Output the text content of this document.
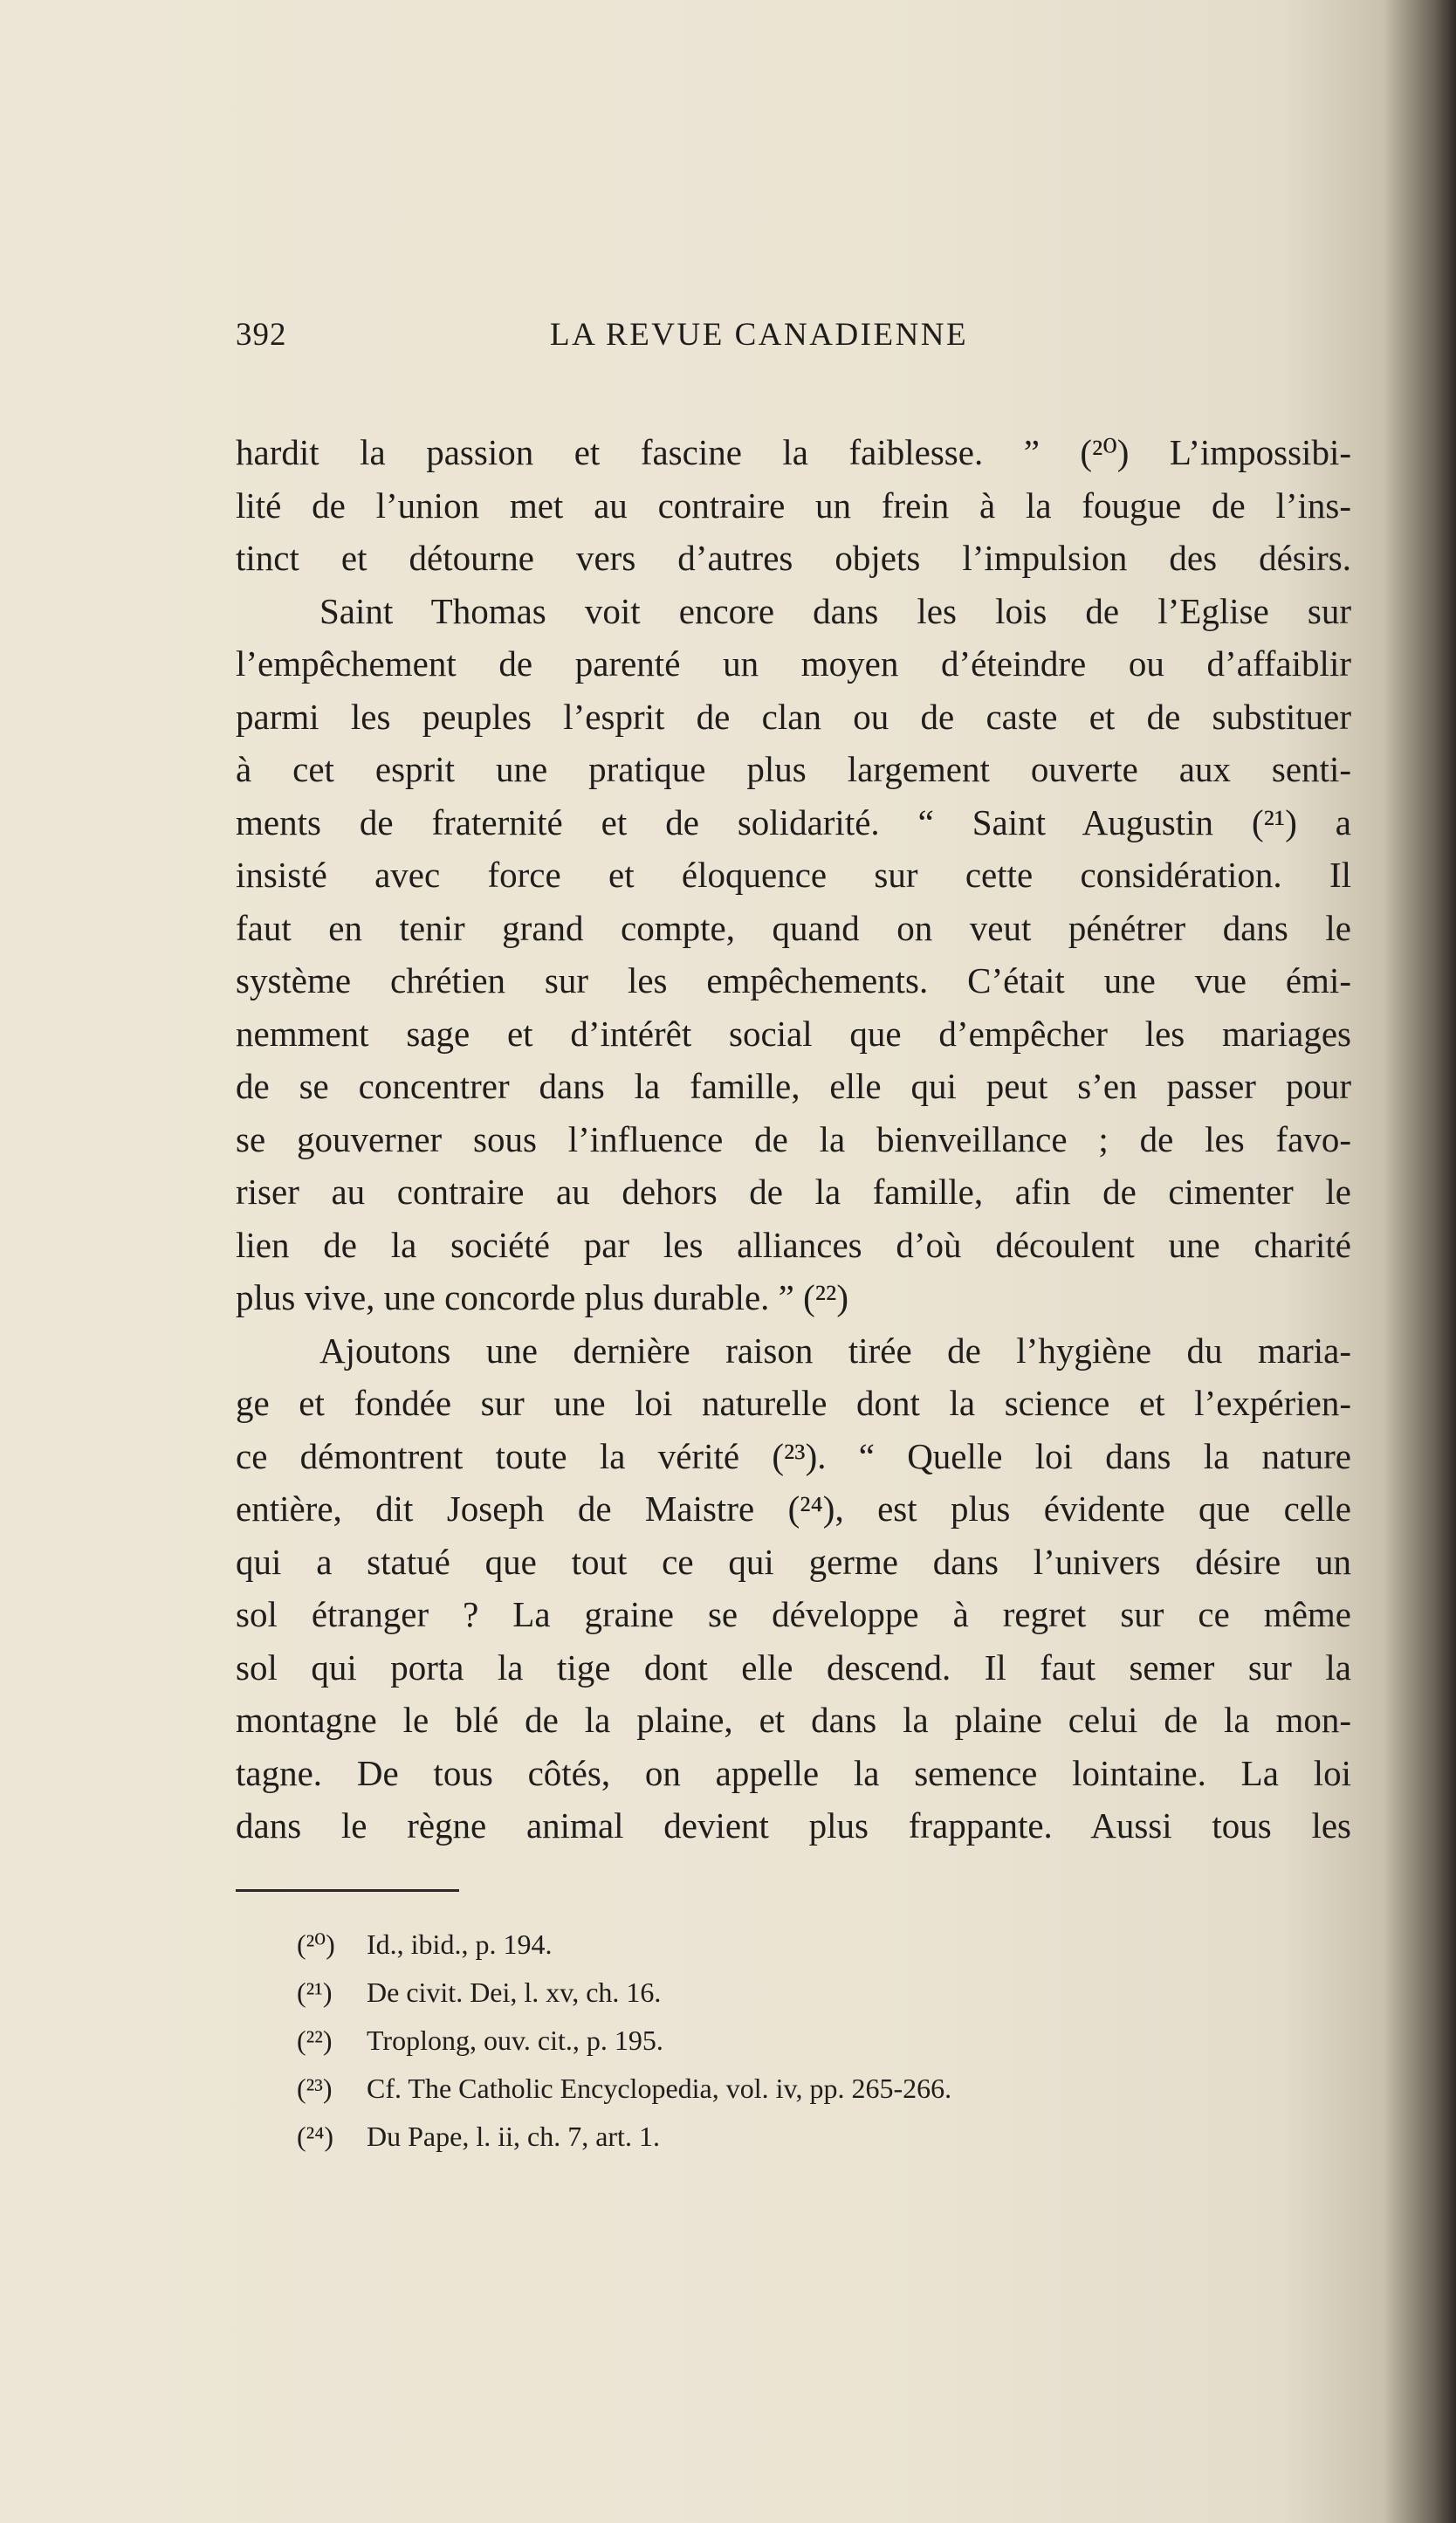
392	LA REVUE CANADIENNE
hardit la passion et fascine la faiblesse. ” (²⁰) L’impossibi-
lité de l’union met au contraire un frein à la fougue de l’ins-
tinct et détourne vers d’autres objets l’impulsion des désirs.
Saint Thomas voit encore dans les lois de l’Eglise sur
l’empêchement de parenté un moyen d’éteindre ou d’affaiblir
parmi les peuples l’esprit de clan ou de caste et de substituer
à cet esprit une pratique plus largement ouverte aux senti-
ments de fraternité et de solidarité. “ Saint Augustin (²¹) a
insisté avec force et éloquence sur cette considération. Il
faut en tenir grand compte, quand on veut pénétrer dans le
système chrétien sur les empêchements. C’était une vue émi-
nemment sage et d’intérêt social que d’empêcher les mariages
de se concentrer dans la famille, elle qui peut s’en passer pour
se gouverner sous l’influence de la bienveillance ; de les favo-
riser au contraire au dehors de la famille, afin de cimenter le
lien de la société par les alliances d’où découlent une charité
plus vive, une concorde plus durable. ” (²²)
Ajoutons une dernière raison tirée de l’hygiène du maria-
ge et fondée sur une loi naturelle dont la science et l’expérien-
ce démontrent toute la vérité (²³). “ Quelle loi dans la nature
entière, dit Joseph de Maistre (²⁴), est plus évidente que celle
qui a statué que tout ce qui germe dans l’univers désire un
sol étranger ? La graine se développe à regret sur ce même
sol qui porta la tige dont elle descend. Il faut semer sur la
montagne le blé de la plaine, et dans la plaine celui de la mon-
tagne. De tous côtés, on appelle la semence lointaine. La loi
dans le règne animal devient plus frappante. Aussi tous les
(²⁰) Id., ibid., p. 194.
(²¹) De civit. Dei, l. xv, ch. 16.
(²²) Troplong, ouv. cit., p. 195.
(²³) Cf. The Catholic Encyclopedia, vol. iv, pp. 265-266.
(²⁴) Du Pape, l. ii, ch. 7, art. 1.
